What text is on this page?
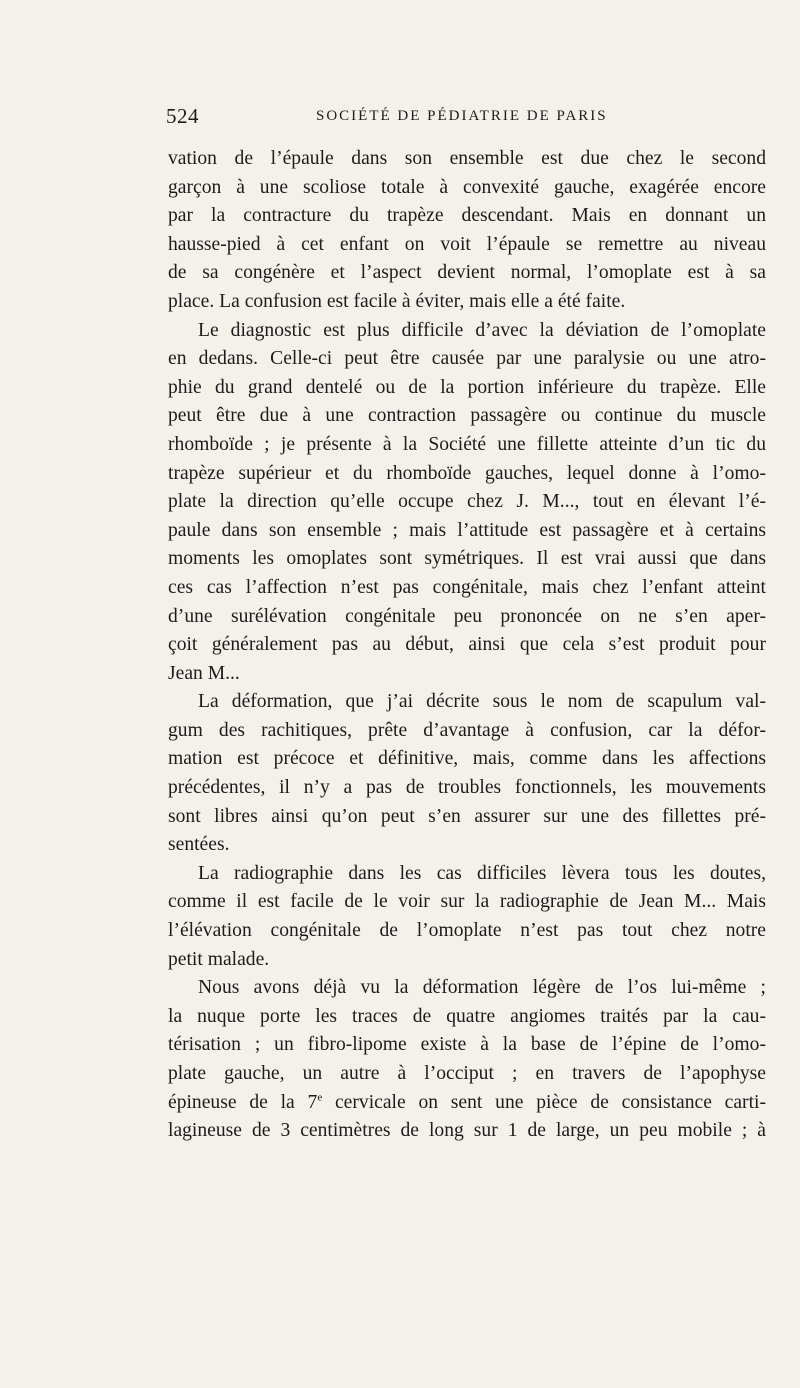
524	SOCIÉTÉ DE PÉDIATRIE DE PARIS
vation de l’épaule dans son ensemble est due chez le second
garçon à une scoliose totale à convexité gauche, exagérée encore
par la contracture du trapèze descendant. Mais en donnant un
hausse-pied à cet enfant on voit l’épaule se remettre au niveau
de sa congénère et l’aspect devient normal, l’omoplate est à sa
place. La confusion est facile à éviter, mais elle a été faite.
Le diagnostic est plus difficile d’avec la déviation de l’omoplate
en dedans. Celle-ci peut être causée par une paralysie ou une atro-
phie du grand dentelé ou de la portion inférieure du trapèze. Elle
peut être due à une contraction passagère ou continue du muscle
rhomboïde ; je présente à la Société une fillette atteinte d’un tic du
trapèze supérieur et du rhomboïde gauches, lequel donne à l’omo-
plate la direction qu’elle occupe chez J. M..., tout en élevant l’é-
paule dans son ensemble ; mais l’attitude est passagère et à certains
moments les omoplates sont symétriques. Il est vrai aussi que dans
ces cas l’affection n’est pas congénitale, mais chez l’enfant atteint
d’une surélévation congénitale peu prononcée on ne s’en aper-
çoit généralement pas au début, ainsi que cela s’est produit pour
Jean M...
La déformation, que j’ai décrite sous le nom de scapulum val-
gum des rachitiques, prête d’avantage à confusion, car la défor-
mation est précoce et définitive, mais, comme dans les affections
précédentes, il n’y a pas de troubles fonctionnels, les mouvements
sont libres ainsi qu’on peut s’en assurer sur une des fillettes pré-
sentées.
La radiographie dans les cas difficiles lèvera tous les doutes,
comme il est facile de le voir sur la radiographie de Jean M... Mais
l’élévation congénitale de l’omoplate n’est pas tout chez notre
petit malade.
Nous avons déjà vu la déformation légère de l’os lui-même ;
la nuque porte les traces de quatre angiomes traités par la cau-
térisation ; un fibro-lipome existe à la base de l’épine de l’omo-
plate gauche, un autre à l’occiput ; en travers de l’apophyse
épineuse de la 7e cervicale on sent une pièce de consistance carti-
lagineuse de 3 centimètres de long sur 1 de large, un peu mobile ; à
